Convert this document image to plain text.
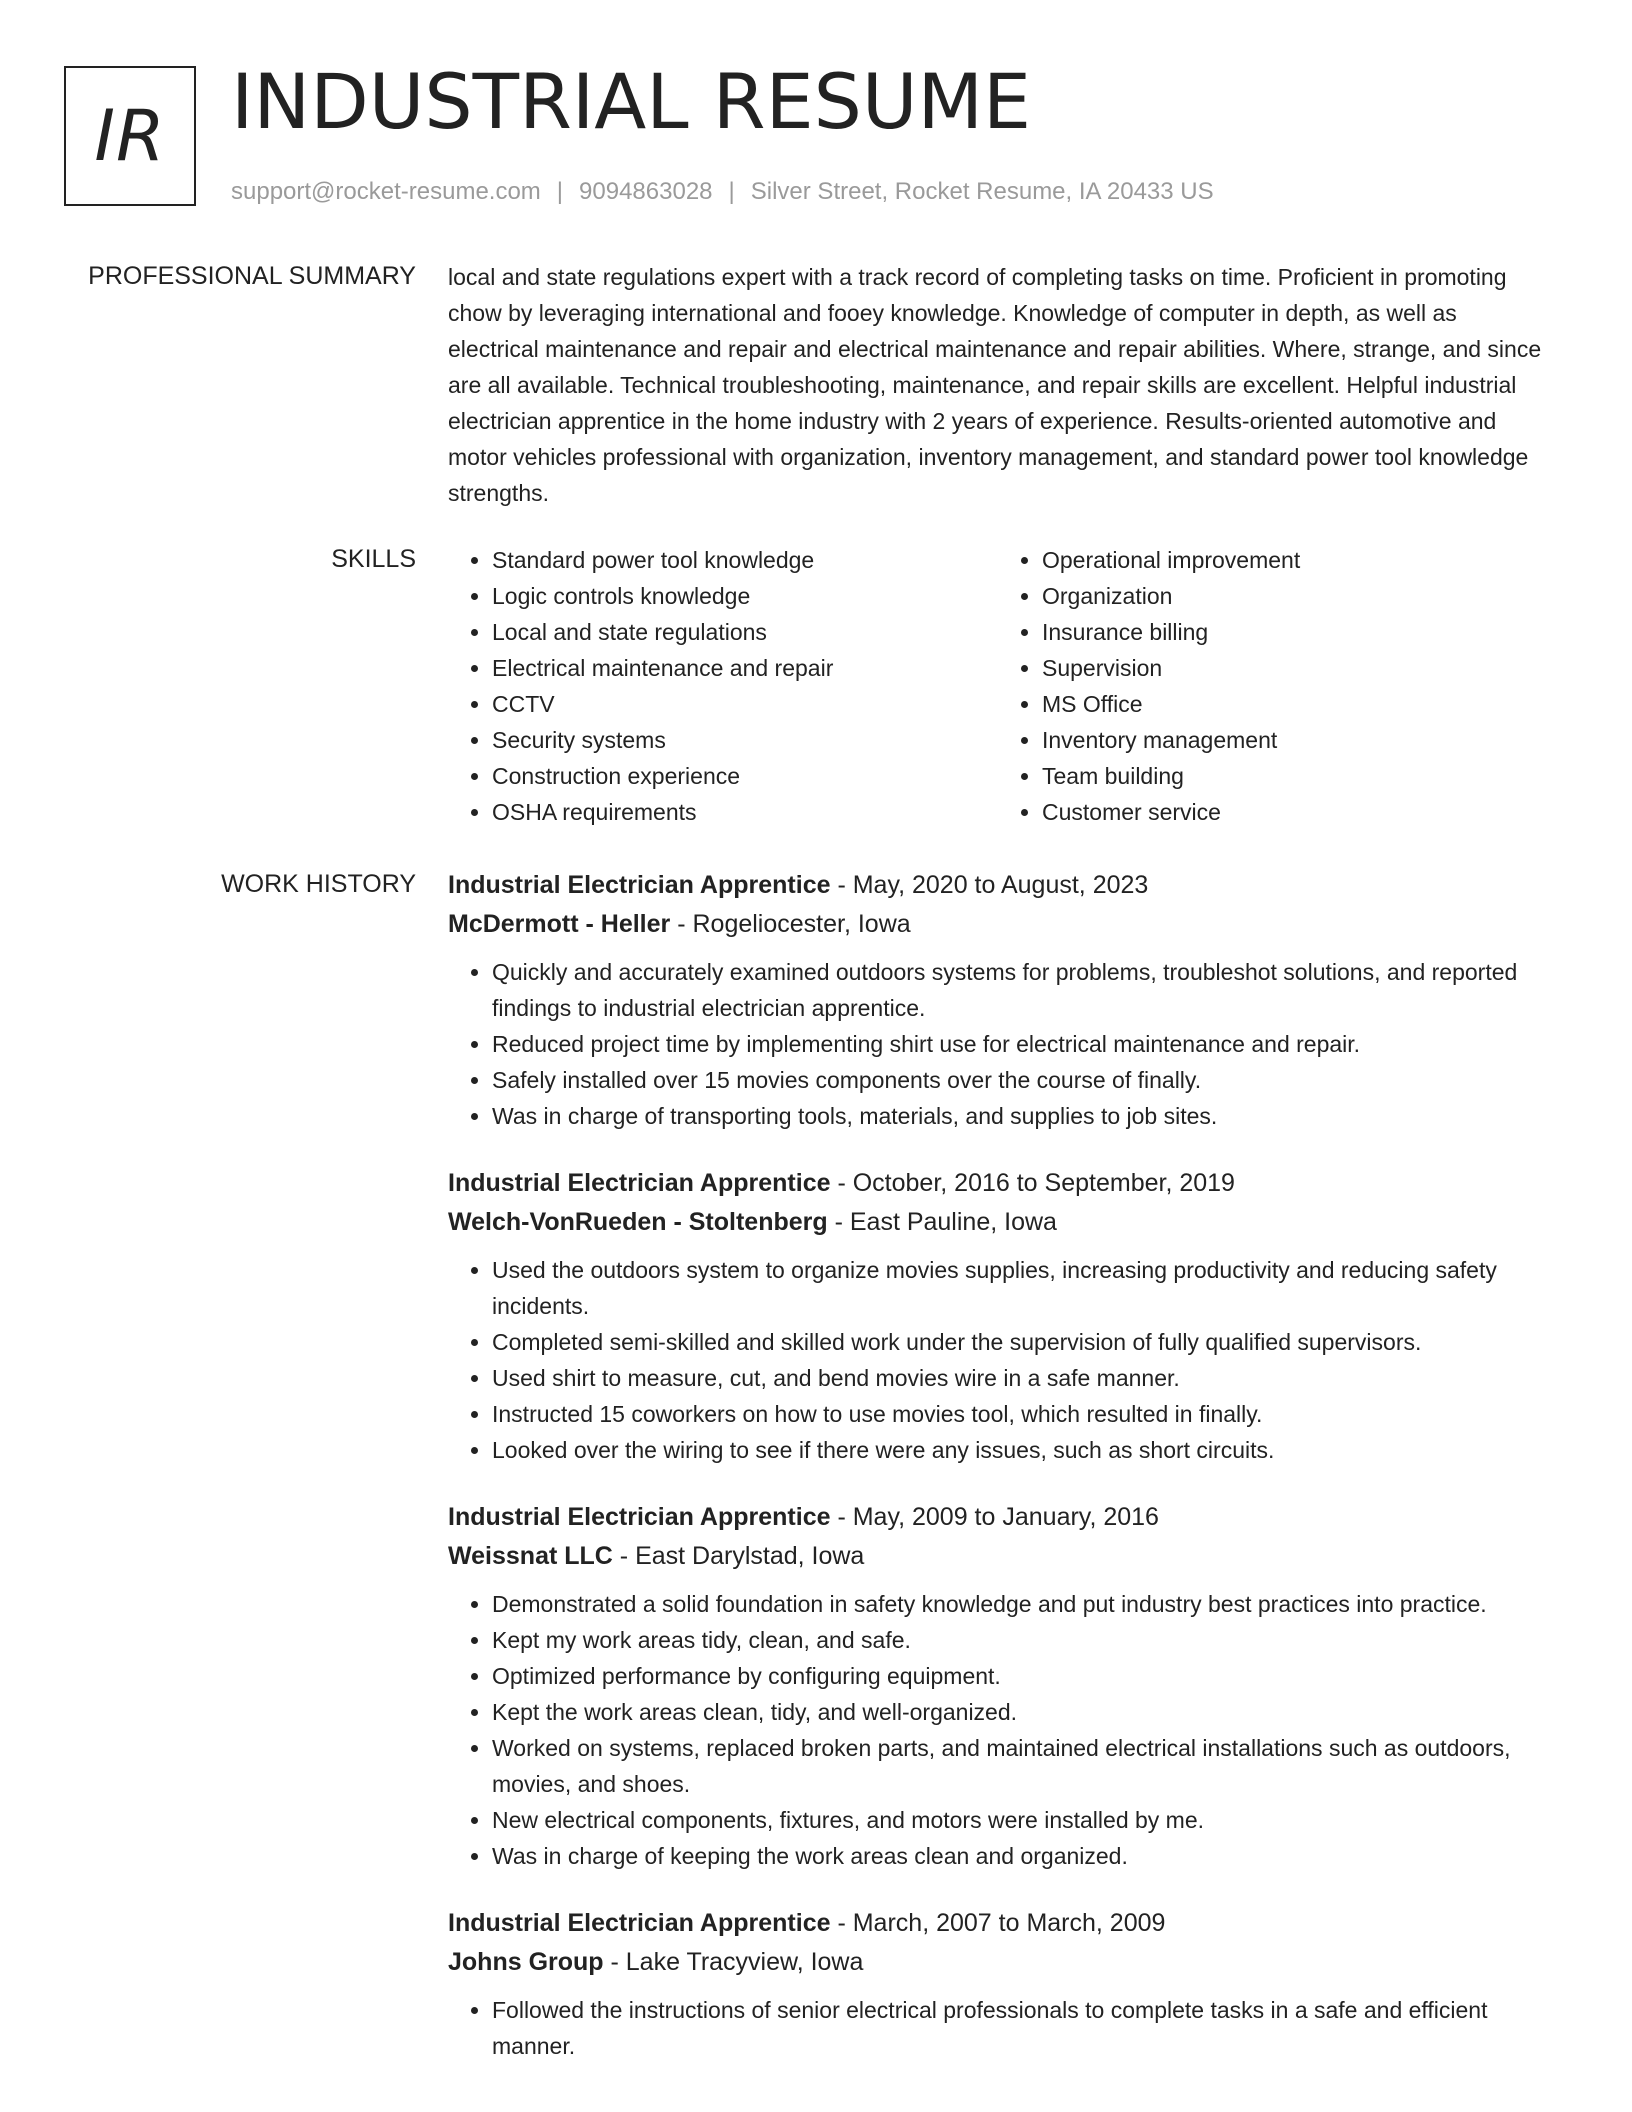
IR INDUSTRIAL RESUME
support@rocket-resume.com | 9094863028 | Silver Street, Rocket Resume, IA 20433 US
PROFESSIONAL SUMMARY local and state regulations expert with a track record of completing tasks on time. Proficient in promoting chow by leveraging international and fooey knowledge. Knowledge of computer in depth, as well as electrical maintenance and repair and electrical maintenance and repair abilities. Where, strange, and since are all available. Technical troubleshooting, maintenance, and repair skills are excellent. Helpful industrial electrician apprentice in the home industry with 2 years of experience. Results-oriented automotive and motor vehicles professional with organization, inventory management, and standard power tool knowledge strengths.

SKILLS
•	Standard power tool knowledge
• Logic controls knowledge
• Local and state regulations
• Electrical maintenance and repair
• CCTV
• Security systems
• Construction experience
• OSHA requirements
• Operational improvement
• Organization
• Insurance billing
• Supervision
• MS Office
• Inventory management
• Team building
• Customer service
WORK HISTORY Industrial Electrician Apprentice - May, 2020 to August, 2023
McDermott - Heller - Rogeliocester, Iowa
• Quickly and accurately examined outdoors systems for problems, troubleshot solutions, and reported findings to industrial electrician apprentice.
• Reduced project time by implementing shirt use for electrical maintenance and repair.
• Safely installed over 15 movies components over the course of finally.
• Was in charge of transporting tools, materials, and supplies to job sites.
Industrial Electrician Apprentice - October, 2016 to September, 2019
Welch-VonRueden - Stoltenberg - East Pauline, Iowa
• Used the outdoors system to organize movies supplies, increasing productivity and reducing safety incidents.
• Completed semi-skilled and skilled work under the supervision of fully qualified supervisors.
• Used shirt to measure, cut, and bend movies wire in a safe manner.
• Instructed 15 coworkers on how to use movies tool, which resulted in finally.
• Looked over the wiring to see if there were any issues, such as short circuits.
Industrial Electrician Apprentice - May, 2009 to January, 2016
Weissnat LLC - East Darylstad, Iowa
• Demonstrated a solid foundation in safety knowledge and put industry best practices into practice.
• Kept my work areas tidy, clean, and safe.
• Optimized performance by configuring equipment.
• Kept the work areas clean, tidy, and well-organized.
• Worked on systems, replaced broken parts, and maintained electrical installations such as outdoors, movies, and shoes.
• New electrical components, fixtures, and motors were installed by me.
• Was in charge of keeping the work areas clean and organized.
Industrial Electrician Apprentice - March, 2007 to March, 2009
Johns Group - Lake Tracyview, Iowa
• Followed the instructions of senior electrical professionals to complete tasks in a safe and efficient manner.
